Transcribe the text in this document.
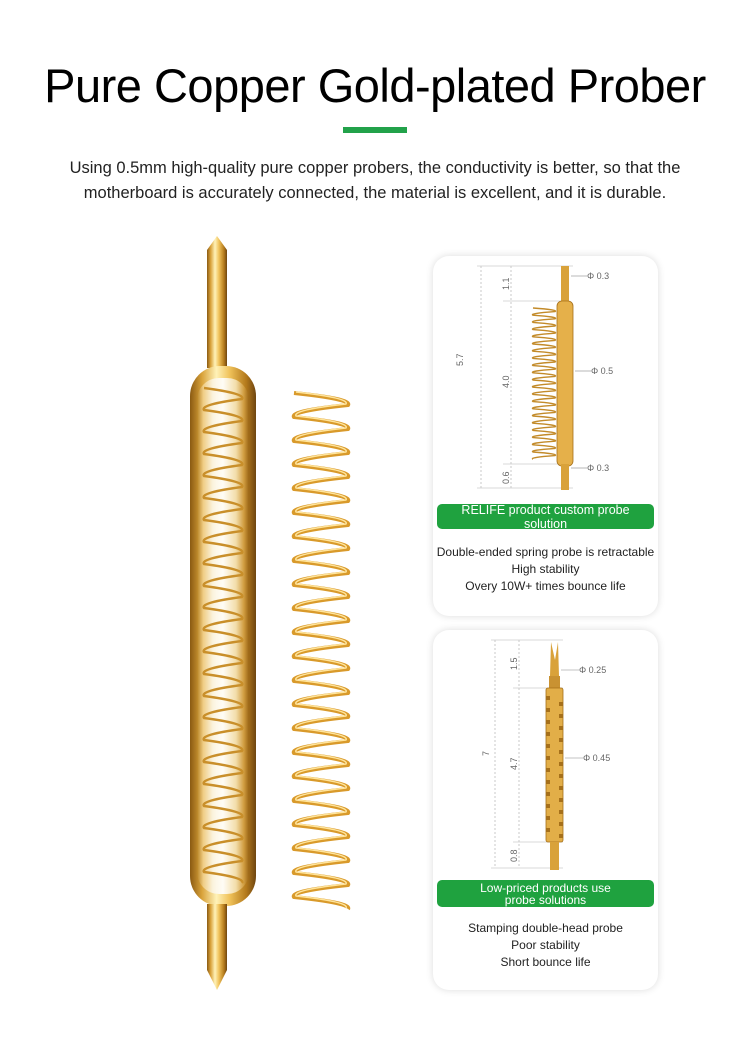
Pure Copper Gold-plated Prober
Using 0.5mm high-quality pure copper probers, the conductivity is better, so that the
motherboard is accurately connected, the material is excellent, and it is durable.
5.7
1.1
4.0
0.6
Φ 0.3
Φ 0.5
Φ 0.3
RELIFE product custom probe solution
Double-ended spring probe is retractable
High stability
Overy 10W+ times bounce life
7
1.5
4.7
0.8
Φ 0.25
Φ 0.45
Low-priced products use
probe solutions
Stamping double-head probe
Poor stability
Short bounce life
